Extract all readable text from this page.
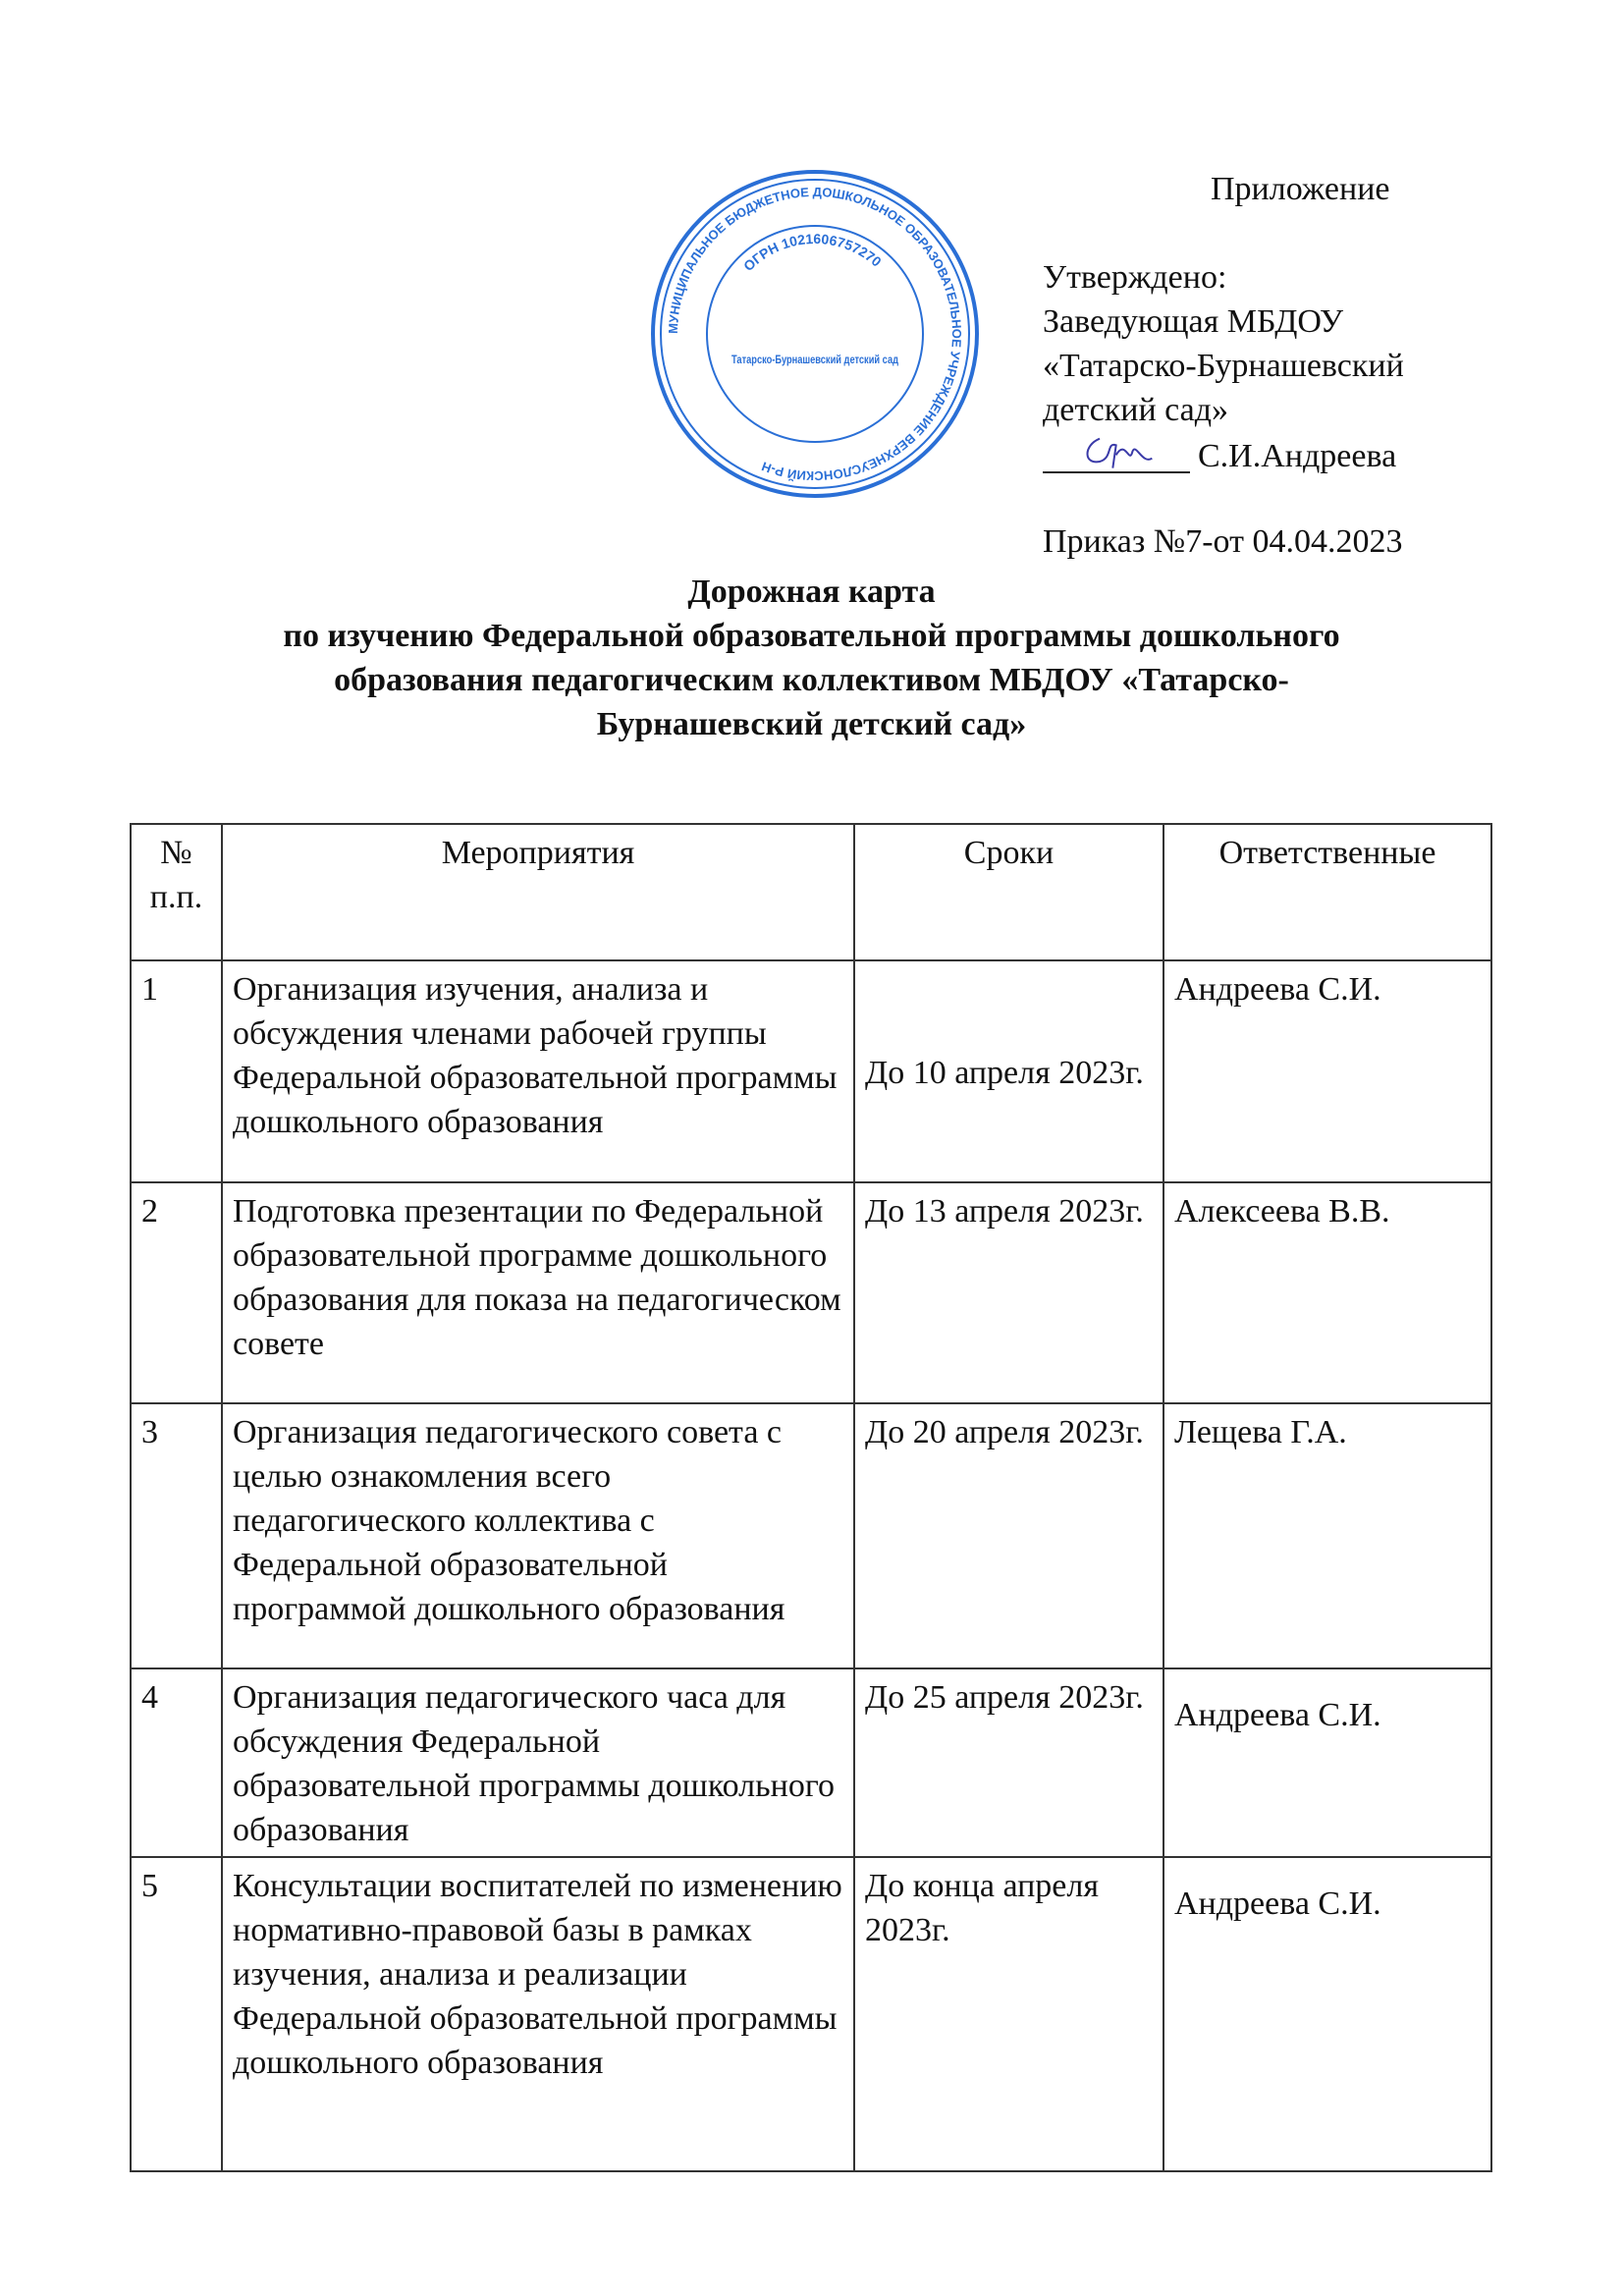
МУНИЦИПАЛЬНОЕ БЮДЖЕТНОЕ ДОШКОЛЬНОЕ ОБРАЗОВАТЕЛЬНОЕ УЧРЕЖДЕНИЕ ВЕРХНЕУСЛОНСКИЙ Р-Н
ОГРН 1021606757270
Татарско-Бурнашевский детский сад
Приложение
Утверждено:
Заведующая МБДОУ
«Татарско-Бурнашевский
детский сад»
С.И.Андреева
Приказ №7-от 04.04.2023
Дорожная карта
по изучению Федеральной образовательной программы дошкольного
образования педагогическим коллективом МБДОУ «Татарско-
Бурнашевский детский сад»
№ п.п.	Мероприятия	Сроки	Ответственные
1	Организация изучения, анализа и обсуждения членами рабочей группы Федеральной образовательной программы дошкольного образования	До 10 апреля 2023г.	Андреева С.И.
2	Подготовка презентации по Федеральной образовательной программе дошкольного образования для показа на педагогическом совете	До 13 апреля 2023г.	Алексеева В.В.
3	Организация педагогического совета с целью ознакомления всего педагогического коллектива с Федеральной образовательной программой дошкольного образования	До 20 апреля 2023г.	Лещева Г.А.
4	Организация педагогического часа для обсуждения Федеральной образовательной программы дошкольного образования	До 25 апреля 2023г.	Андреева С.И.
5	Консультации воспитателей по изменению нормативно-правовой базы в рамках изучения, анализа и реализации Федеральной образовательной программы дошкольного образования	До конца апреля 2023г.	Андреева С.И.
